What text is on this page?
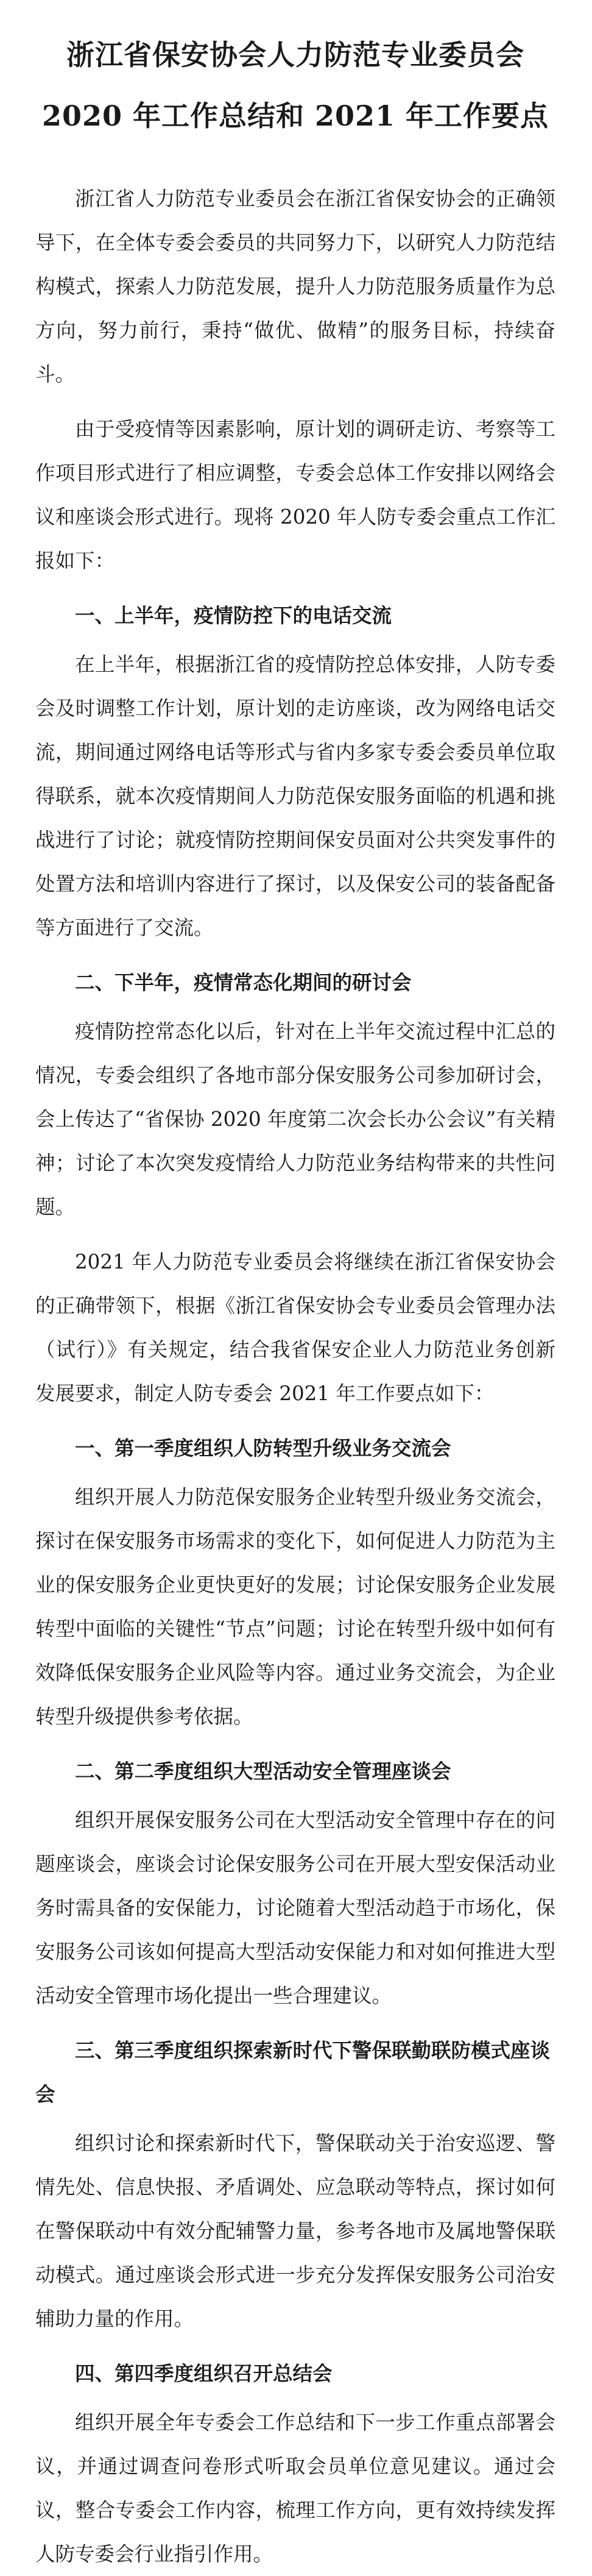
浙江省保安协会人力防范专业委员会
2020 年工作总结和 2021 年工作要点

浙江省人力防范专业委员会在浙江省保安协会的正确领导下，在全体专委会委员的共同努力下，以研究人力防范结构模式，探索人力防范发展，提升人力防范服务质量作为总方向，努力前行，秉持“做优、做精”的服务目标，持续奋斗。

由于受疫情等因素影响，原计划的调研走访、考察等工作项目形式进行了相应调整，专委会总体工作安排以网络会议和座谈会形式进行。现将 2020 年人防专委会重点工作汇报如下：

一、上半年，疫情防控下的电话交流

在上半年，根据浙江省的疫情防控总体安排，人防专委会及时调整工作计划，原计划的走访座谈，改为网络电话交流，期间通过网络电话等形式与省内多家专委会委员单位取得联系，就本次疫情期间人力防范保安服务面临的机遇和挑战进行了讨论；就疫情防控期间保安员面对公共突发事件的处置方法和培训内容进行了探讨，以及保安公司的装备配备等方面进行了交流。

二、下半年，疫情常态化期间的研讨会

疫情防控常态化以后，针对在上半年交流过程中汇总的情况，专委会组织了各地市部分保安服务公司参加研讨会，会上传达了“省保协 2020 年度第二次会长办公会议”有关精神；讨论了本次突发疫情给人力防范业务结构带来的共性问题。

2021 年人力防范专业委员会将继续在浙江省保安协会的正确带领下，根据《浙江省保安协会专业委员会管理办法（试行）》有关规定，结合我省保安企业人力防范业务创新发展要求，制定人防专委会 2021 年工作要点如下：

一、第一季度组织人防转型升级业务交流会

组织开展人力防范保安服务企业转型升级业务交流会，探讨在保安服务市场需求的变化下，如何促进人力防范为主业的保安服务企业更快更好的发展；讨论保安服务企业发展转型中面临的关键性“节点”问题；讨论在转型升级中如何有效降低保安服务企业风险等内容。通过业务交流会，为企业转型升级提供参考依据。

二、第二季度组织大型活动安全管理座谈会

组织开展保安服务公司在大型活动安全管理中存在的问题座谈会，座谈会讨论保安服务公司在开展大型安保活动业务时需具备的安保能力，讨论随着大型活动趋于市场化，保安服务公司该如何提高大型活动安保能力和对如何推进大型活动安全管理市场化提出一些合理建议。

三、第三季度组织探索新时代下警保联勤联防模式座谈会

组织讨论和探索新时代下，警保联动关于治安巡逻、警情先处、信息快报、矛盾调处、应急联动等特点，探讨如何在警保联动中有效分配辅警力量，参考各地市及属地警保联动模式。通过座谈会形式进一步充分发挥保安服务公司治安辅助力量的作用。

四、第四季度组织召开总结会

组织开展全年专委会工作总结和下一步工作重点部署会议，并通过调查问卷形式听取会员单位意见建议。通过会议，整合专委会工作内容，梳理工作方向，更有效持续发挥人防专委会行业指引作用。
